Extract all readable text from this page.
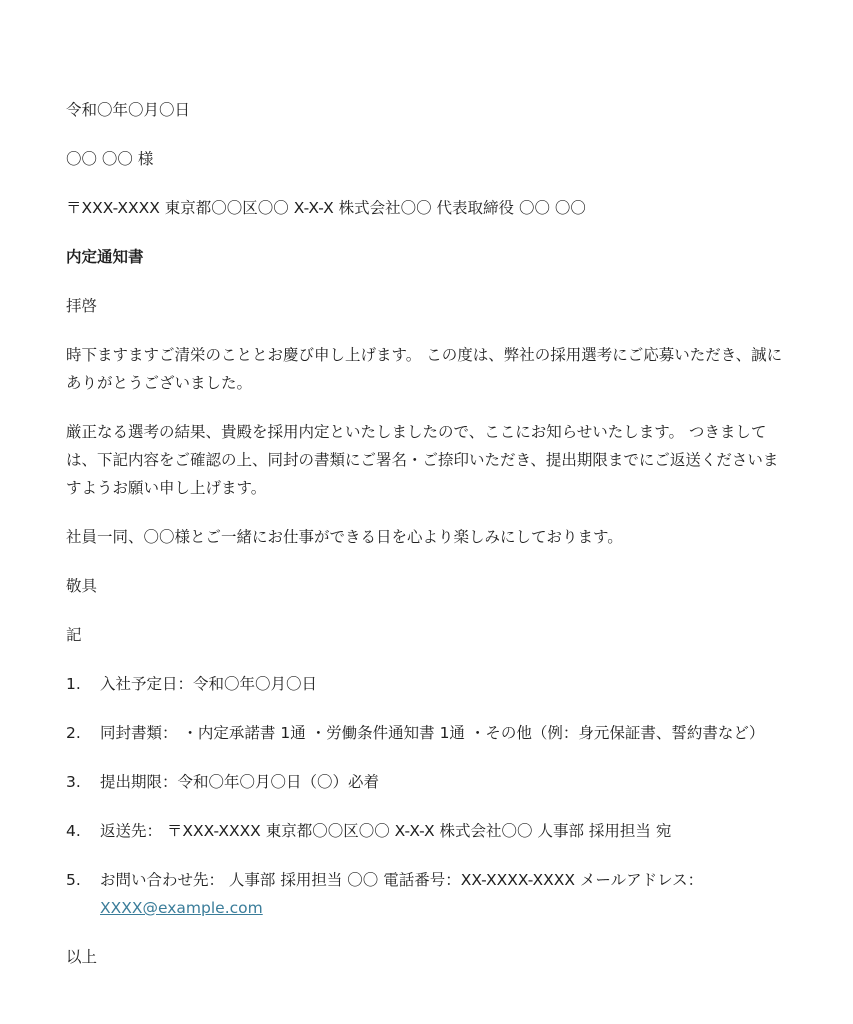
令和〇年〇月〇日

〇〇 〇〇 様

〒XXX-XXXX 東京都〇〇区〇〇 X-X-X 株式会社〇〇 代表取締役 〇〇 〇〇

内定通知書

拝啓

時下ますますご清栄のこととお慶び申し上げます。 この度は、弊社の採用選考にご応募いただき、誠にありがとうございました。

厳正なる選考の結果、貴殿を採用内定といたしましたので、ここにお知らせいたします。 つきましては、下記内容をご確認の上、同封の書類にご署名・ご捺印いただき、提出期限までにご返送くださいますようお願い申し上げます。

社員一同、〇〇様とご一緒にお仕事ができる日を心より楽しみにしております。

敬具

記

1.	入社予定日：令和〇年〇月〇日
2.	同封書類： ・内定承諾書 1通 ・労働条件通知書 1通 ・その他（例：身元保証書、誓約書など）
3.	提出期限：令和〇年〇月〇日（〇）必着
4.	返送先： 〒XXX-XXXX 東京都〇〇区〇〇 X-X-X 株式会社〇〇 人事部 採用担当 宛
5.	お問い合わせ先： 人事部 採用担当 〇〇 電話番号：XX-XXXX-XXXX メールアドレス：
XXXX@example.com

以上
